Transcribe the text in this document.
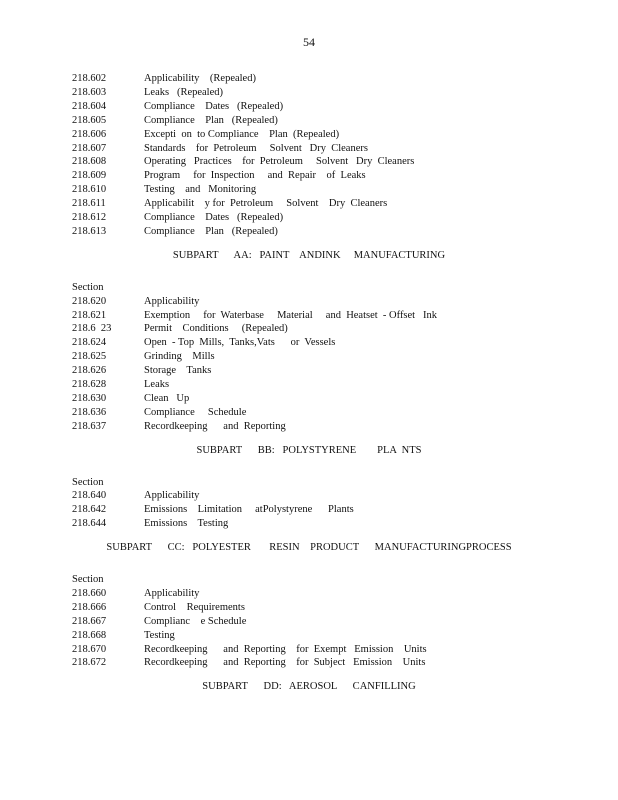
54
218.602	Applicability    (Repealed)
218.603	Leaks   (Repealed)
218.604	Compliance    Dates   (Repealed)
218.605	Compliance    Plan   (Repealed)
218.606	Excepti  on  to Compliance    Plan  (Repealed)
218.607	Standards    for  Petroleum     Solvent   Dry  Cleaners
218.608	Operating   Practices    for  Petroleum     Solvent   Dry  Cleaners
218.609	Program     for  Inspection     and  Repair    of  Leaks
218.610	Testing    and   Monitoring
218.611	Applicabilit    y for  Petroleum     Solvent    Dry  Cleaners
218.612	Compliance    Dates   (Repealed)
218.613	Compliance    Plan   (Repealed)
SUBPART      AA:   PAINT    ANDINK     MANUFACTURING
Section
218.620	Applicability
218.621	Exemption     for  Waterbase     Material     and  Heatset  - Offset   Ink
218.6  23	Permit    Conditions     (Repealed)
218.624	Open  - Top  Mills,  Tanks,Vats      or  Vessels
218.625	Grinding    Mills
218.626	Storage    Tanks
218.628	Leaks
218.630	Clean   Up
218.636	Compliance     Schedule
218.637	Recordkeeping      and  Reporting
SUBPART      BB:   POLYSTYRENE        PLA  NTS
Section
218.640	Applicability
218.642	Emissions    Limitation     atPolystyrene      Plants
218.644	Emissions    Testing
SUBPART      CC:   POLYESTER       RESIN    PRODUCT      MANUFACTURINGPROCESS
Section
218.660	Applicability
218.666	Control    Requirements
218.667	Complianc    e Schedule
218.668	Testing
218.670	Recordkeeping      and  Reporting    for  Exempt   Emission    Units
218.672	Recordkeeping      and  Reporting    for  Subject   Emission    Units
SUBPART      DD:   AEROSOL      CANFILLING
